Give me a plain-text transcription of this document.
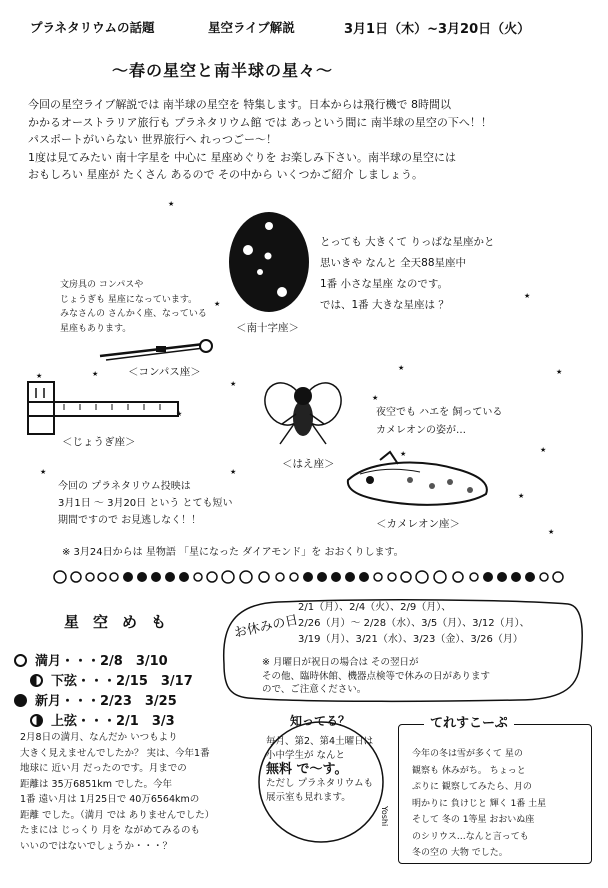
プラネタリウムの話題	星空ライブ解説	3月1日（木）~3月20日（火）
〜春の星空と南半球の星々〜

今回の星空ライブ解説では 南半球の星空を 特集します。日本からは飛行機で 8時間以

かかるオーストラリア旅行も プラネタリウム館 では あっという間に 南半球の星空の下へ！！

パスポートがいらない 世界旅行へ れっつごー〜！

1度は見てみたい 南十字星を 中心に 星座めぐりを お楽しみ下さい。南半球の星空には

おもしろい 星座が たくさん あるので その中から いくつかご紹介 しましょう。

★
★
★	★
★
★
★
★
★
★
★
★
★	★
★
★
＜南十字座＞

とっても 大きくて りっぱな星座かと

思いきや なんと 全天88星座中

1番 小さな星座 なのです。

では、1番 大きな星座は ？

文房具の コンパスや

じょうぎも 星座になっています。

みなさんの さんかく座、なっている

星座もあります。

＜コンパス座＞
＜じょうぎ座＞
＜はえ座＞

夜空でも ハエを 飼っている

カメレオンの姿が…

＜カメレオン座＞

今回の プラネタリウム投映は

3月1日 〜 3月20日 という とても短い

期間ですので お見逃しなく！！

※ 3月24日からは 星物語 「星になった ダイアモンド」を おおくりします。
星空めも
満月・・・2/8　3/10
下弦・・・2/15　3/17
新月・・・2/23　3/25
上弦・・・2/1　3/3

2月8日の満月、なんだか いつもより

大きく見えませんでしたか？ 実は、今年1番

地球に 近い月 だったのです。月までの

距離は 35万6851km でした。今年

1番 遠い月は 1月25日で 40万6564kmの

距離 でした。（満月 では ありませんでした）

たまには じっくり 月を ながめてみるのも

いいのではないでしょうか・・・？

お休みの日

2/1（月）、2/4（火）、2/9（月）、

2/26（月）〜 2/28（水）、3/5（月）、3/12（月）、

3/19（月）、3/21（水）、3/23（金）、3/26（月）

※ 月曜日が祝日の場合は その翌日が

その他、臨時休館、機器点検等で休みの日があります

ので、ご注意ください。

知ってる？

毎月、第2、第4土曜日は

小中学生が なんと

無料 で〜す。

ただし プラネタリウムも

展示室も見れます。

てれすこーぷ

今年の冬は雪が多くて 星の

観察も 休みがち。 ちょっと

ぷりに 観察してみたら、月の

明かりに 負けじと 輝く 1番 土星

そして 冬の 1等星 おおいぬ座

のシリウス…なんと言っても

冬の空の 大物 でした。

Yoshi
